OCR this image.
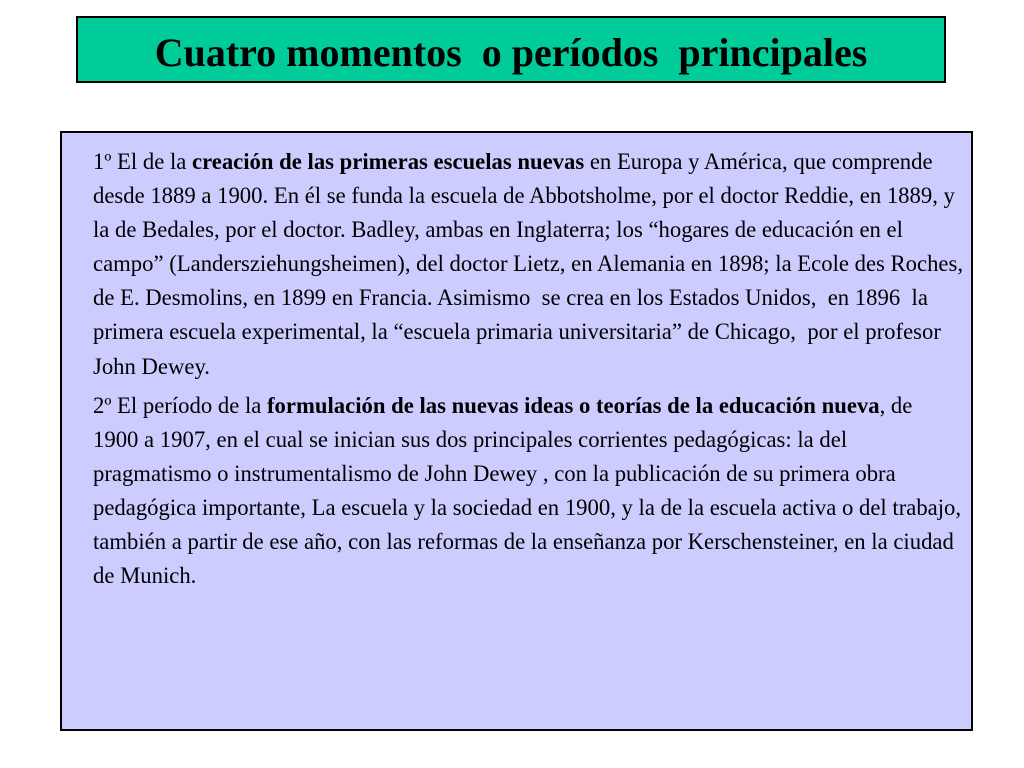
Cuatro momentos  o períodos  principales

1º El de la creación de las primeras escuelas nuevas en Europa y América, que comprende desde 1889 a 1900. En él se funda la escuela de Abbotsholme, por el doctor Reddie, en 1889, y la de Bedales, por el doctor. Badley, ambas en Inglaterra; los “hogares de educación en el campo” (Landersziehungsheimen), del doctor Lietz, en Alemania en 1898; la Ecole des Roches, de E. Desmolins, en 1899 en Francia. Asimismo  se crea en los Estados Unidos,  en 1896  la primera escuela experimental, la “escuela primaria universitaria” de Chicago,  por el profesor John Dewey.

2º El período de la formulación de las nuevas ideas o teorías de la educación nueva, de 1900 a 1907, en el cual se inician sus dos principales corrientes pedagógicas: la del pragmatismo o instrumentalismo de John Dewey , con la publicación de su primera obra pedagógica importante, La escuela y la sociedad en 1900, y la de la escuela activa o del trabajo, también a partir de ese año, con las reformas de la enseñanza por Kerschensteiner, en la ciudad de Munich.
